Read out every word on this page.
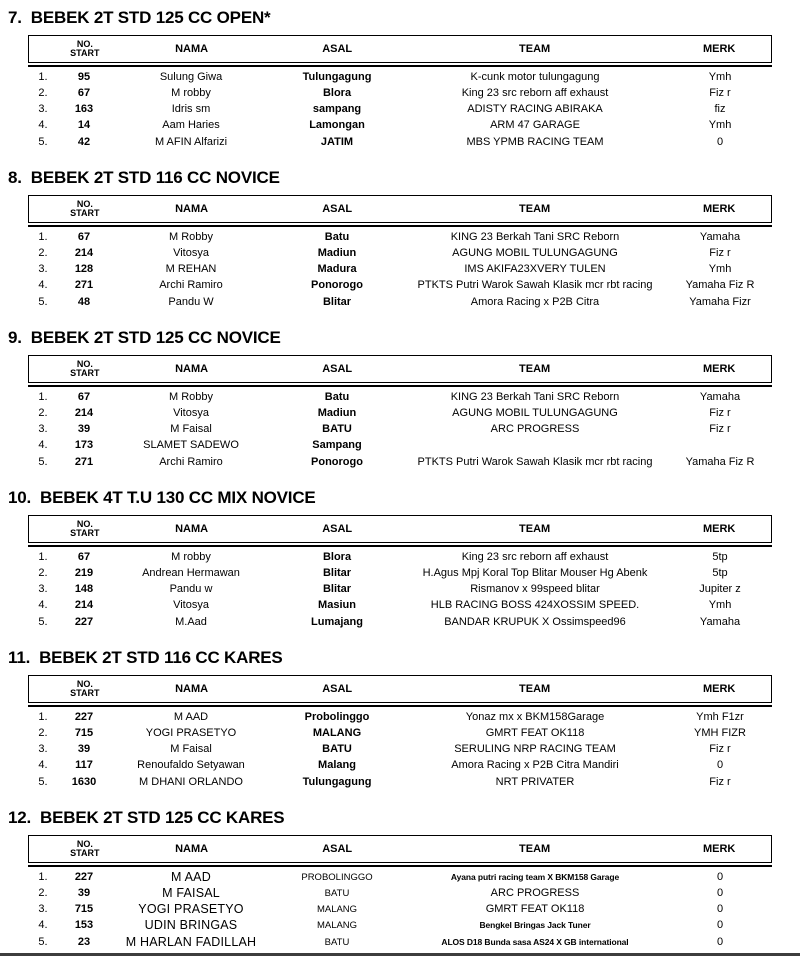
7. BEBEK 2T STD 125 CC OPEN*
NO.
START	NAMA	ASAL	TEAM	MERK
1.	95	Sulung Giwa	Tulungagung	K-cunk motor tulungagung	Ymh
2.	67	M robby	Blora	King 23 src reborn aff exhaust	Fiz r
3.	163	Idris sm	sampang	ADISTY RACING ABIRAKA	fiz
4.	14	Aam Haries	Lamongan	ARM 47 GARAGE	Ymh
5.	42	M AFIN Alfarizi	JATIM	MBS YPMB RACING TEAM	0
8. BEBEK 2T STD 116 CC NOVICE
NO.
START	NAMA	ASAL	TEAM	MERK
1.	67	M Robby	Batu	KING 23 Berkah Tani SRC Reborn	Yamaha
2.	214	Vitosya	Madiun	AGUNG MOBIL TULUNGAGUNG	Fiz r
3.	128	M REHAN	Madura	IMS AKIFA23XVERY TULEN	Ymh
4.	271	Archi Ramiro	Ponorogo	PTKTS Putri Warok Sawah Klasik mcr rbt racing	Yamaha Fiz R
5.	48	Pandu W	Blitar	Amora Racing x P2B Citra	Yamaha Fizr
9. BEBEK 2T STD 125 CC NOVICE
NO.
START	NAMA	ASAL	TEAM	MERK
1.	67	M Robby	Batu	KING 23 Berkah Tani SRC Reborn	Yamaha
2.	214	Vitosya	Madiun	AGUNG MOBIL TULUNGAGUNG	Fiz r
3.	39	M Faisal	BATU	ARC PROGRESS	Fiz r
4.	173	SLAMET SADEWO	Sampang
5.	271	Archi Ramiro	Ponorogo	PTKTS Putri Warok Sawah Klasik mcr rbt racing	Yamaha Fiz R
10. BEBEK 4T T.U 130 CC MIX NOVICE
NO.
START	NAMA	ASAL	TEAM	MERK
1.	67	M robby	Blora	King 23 src reborn aff exhaust	5tp
2.	219	Andrean Hermawan	Blitar	H.Agus Mpj Koral Top Blitar Mouser Hg Abenk	5tp
3.	148	Pandu w	Blitar	Rismanov x 99speed blitar	Jupiter z
4.	214	Vitosya	Masiun	HLB RACING BOSS 424XOSSIM SPEED.	Ymh
5.	227	M.Aad	Lumajang	BANDAR KRUPUK X Ossimspeed96	Yamaha
11. BEBEK 2T STD 116 CC KARES
NO.
START	NAMA	ASAL	TEAM	MERK
1.	227	M AAD	Probolinggo	Yonaz mx x BKM158Garage	Ymh F1zr
2.	715	YOGI PRASETYO	MALANG	GMRT FEAT OK118	YMH FIZR
3.	39	M Faisal	BATU	SERULING NRP RACING TEAM	Fiz r
4.	117	Renoufaldo Setyawan	Malang	Amora Racing x P2B Citra Mandiri	0
5.	1630	M DHANI ORLANDO	Tulungagung	NRT PRIVATER	Fiz r
12. BEBEK 2T STD 125 CC KARES
NO.
START	NAMA	ASAL	TEAM	MERK
1.	227	M AAD	PROBOLINGGO	Ayana putri racing team X BKM158 Garage	0
2.	39	M FAISAL	BATU	ARC PROGRESS	0
3.	715	YOGI PRASETYO	MALANG	GMRT FEAT OK118	0
4.	153	UDIN BRINGAS	MALANG	Bengkel Bringas Jack Tuner	0
5.	23	M HARLAN FADILLAH	BATU	ALOS D18 Bunda sasa AS24 X GB international	0
